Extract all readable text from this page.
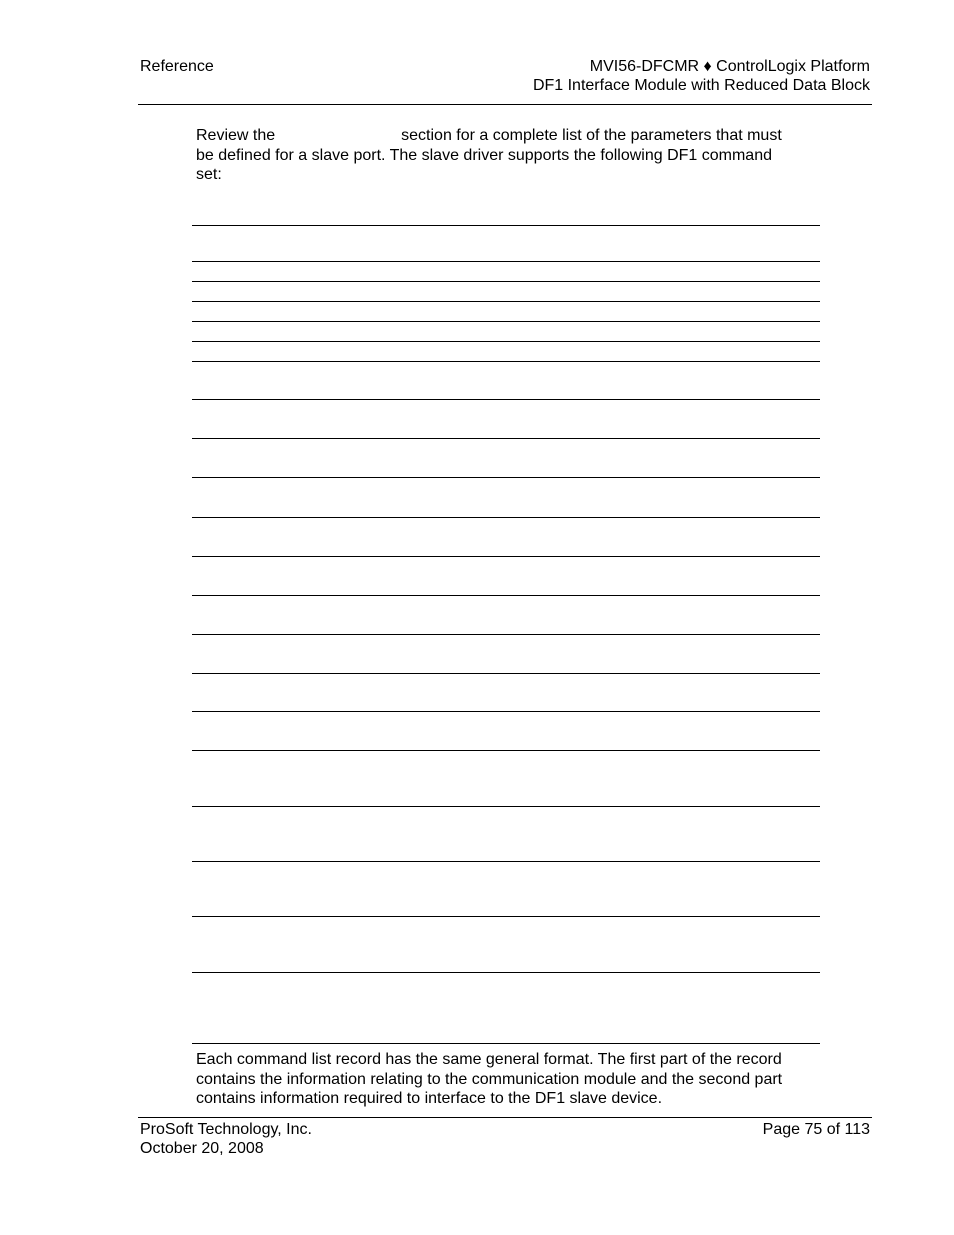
Reference	MVI56-DFCMR ♦ ControlLogix Platform
DF1 Interface Module with Reduced Data Block
Review the	section for a complete list of the parameters that must be defined for a slave port. The slave driver supports the following DF1 command set:
Each command list record has the same general format. The first part of the record contains the information relating to the communication module and the second part contains information required to interface to the DF1 slave device.
ProSoft Technology, Inc.
October 20, 2008
Page 75 of 113
